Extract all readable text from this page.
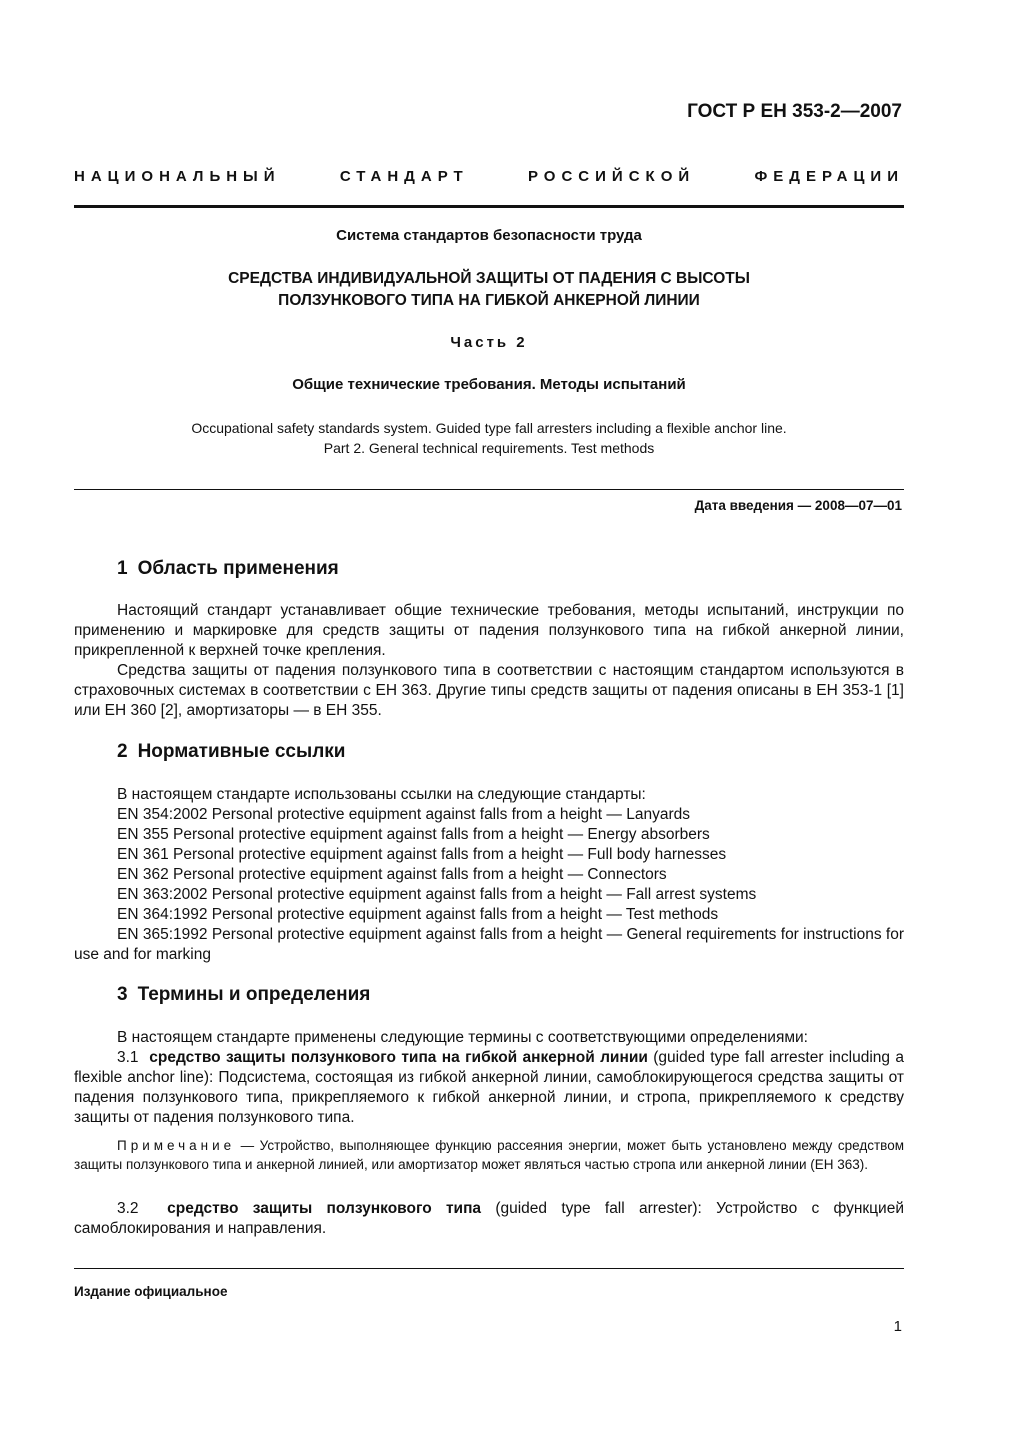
ГОСТ Р ЕН 353-2—2007
НАЦИОНАЛЬНЫЙ	СТАНДАРТ	РОССИЙСКОЙ	ФЕДЕРАЦИИ
Система стандартов безопасности труда
СРЕДСТВА ИНДИВИДУАЛЬНОЙ ЗАЩИТЫ ОТ ПАДЕНИЯ С ВЫСОТЫ
ПОЛЗУНКОВОГО ТИПА НА ГИБКОЙ АНКЕРНОЙ ЛИНИИ
Часть 2
Общие технические требования. Методы испытаний
Occupational safety standards system. Guided type fall arresters including a flexible anchor line.
Part 2. General technical requirements. Test methods
Дата введения — 2008—07—01
1 Область применения

Настоящий стандарт устанавливает общие технические требования, методы испытаний, инструкции по применению и маркировке для средств защиты от падения ползункового типа на гибкой анкерной линии, прикрепленной к верхней точке крепления.

Средства защиты от падения ползункового типа в соответствии с настоящим стандартом используются в страховочных системах в соответствии с ЕН 363. Другие типы средств защиты от падения описаны в ЕН 353-1 [1] или ЕН 360 [2], амортизаторы — в ЕН 355.

2 Нормативные ссылки

В настоящем стандарте использованы ссылки на следующие стандарты:

EN 354:2002 Personal protective equipment against falls from a height — Lanyards

EN 355 Personal protective equipment against falls from a height — Energy absorbers

EN 361 Personal protective equipment against falls from a height — Full body harnesses

EN 362 Personal protective equipment against falls from a height — Connectors

EN 363:2002 Personal protective equipment against falls from a height — Fall arrest systems

EN 364:1992 Personal protective equipment against falls from a height — Test methods

EN 365:1992 Personal protective equipment against falls from a height — General requirements for instructions for use and for marking

3 Термины и определения

В настоящем стандарте применены следующие термины с соответствующими определениями:

3.1 средство защиты ползункового типа на гибкой анкерной линии (guided type fall arrester including a flexible anchor line): Подсистема, состоящая из гибкой анкерной линии, самоблокирующегося средства защиты от падения ползункового типа, прикрепляемого к гибкой анкерной линии, и стропа, прикрепляемого к средству защиты от падения ползункового типа.

Примечание — Устройство, выполняющее функцию рассеяния энергии, может быть установлено между средством защиты ползункового типа и анкерной линией, или амортизатор может являться частью стропа или анкерной линии (ЕН 363).

3.2 средство защиты ползункового типа (guided type fall arrester): Устройство с функцией самоблокирования и направления.

Издание официальное
1
